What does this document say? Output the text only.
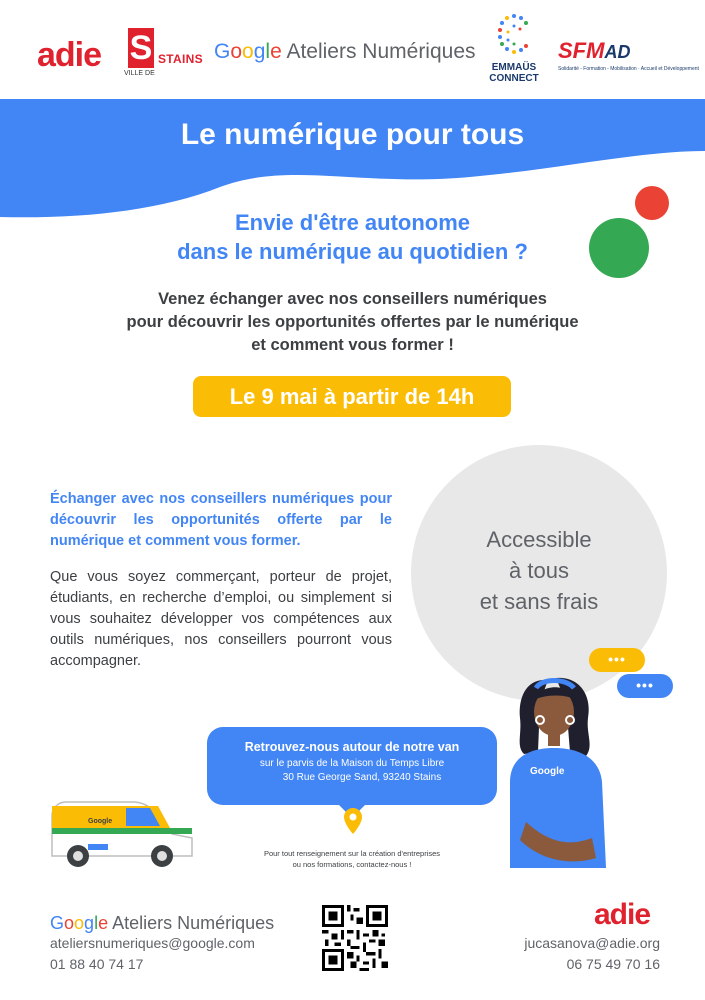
adie S STAINS
VILLE DE
Google Ateliers Numériques
EMMAÜS
CONNECT
SFMAD
Solidarité - Formation - Mobilisation · Accueil et Développement
Le numérique pour tous
Envie d'être autonome
dans le numérique au quotidien ?
Venez échanger avec nos conseillers numériques
pour découvrir les opportunités offertes par le numérique
et comment vous former !
Le 9 mai à partir de 14h
Échanger avec nos conseillers numériques pour découvrir les opportunités offerte par le numérique et comment vous former.
Que vous soyez commerçant, porteur de projet, étudiants, en recherche d’emploi, ou simplement si vous souhaitez développer vos compétences aux outils numériques, nos conseillers pourront vous accompagner.
Accessible
à tous
et sans frais
•••
•••
Google
Retrouvez-nous autour de notre van
sur le parvis de la Maison du Temps Libre
30 Rue George Sand, 93240 Stains
Pour tout renseignement sur la création d'entreprises
ou nos formations, contactez-nous !
Google
Google Ateliers Numériques
ateliersnumeriques@google.com
01 88 40 74 17
adie
jucasanova@adie.org
06 75 49 70 16
